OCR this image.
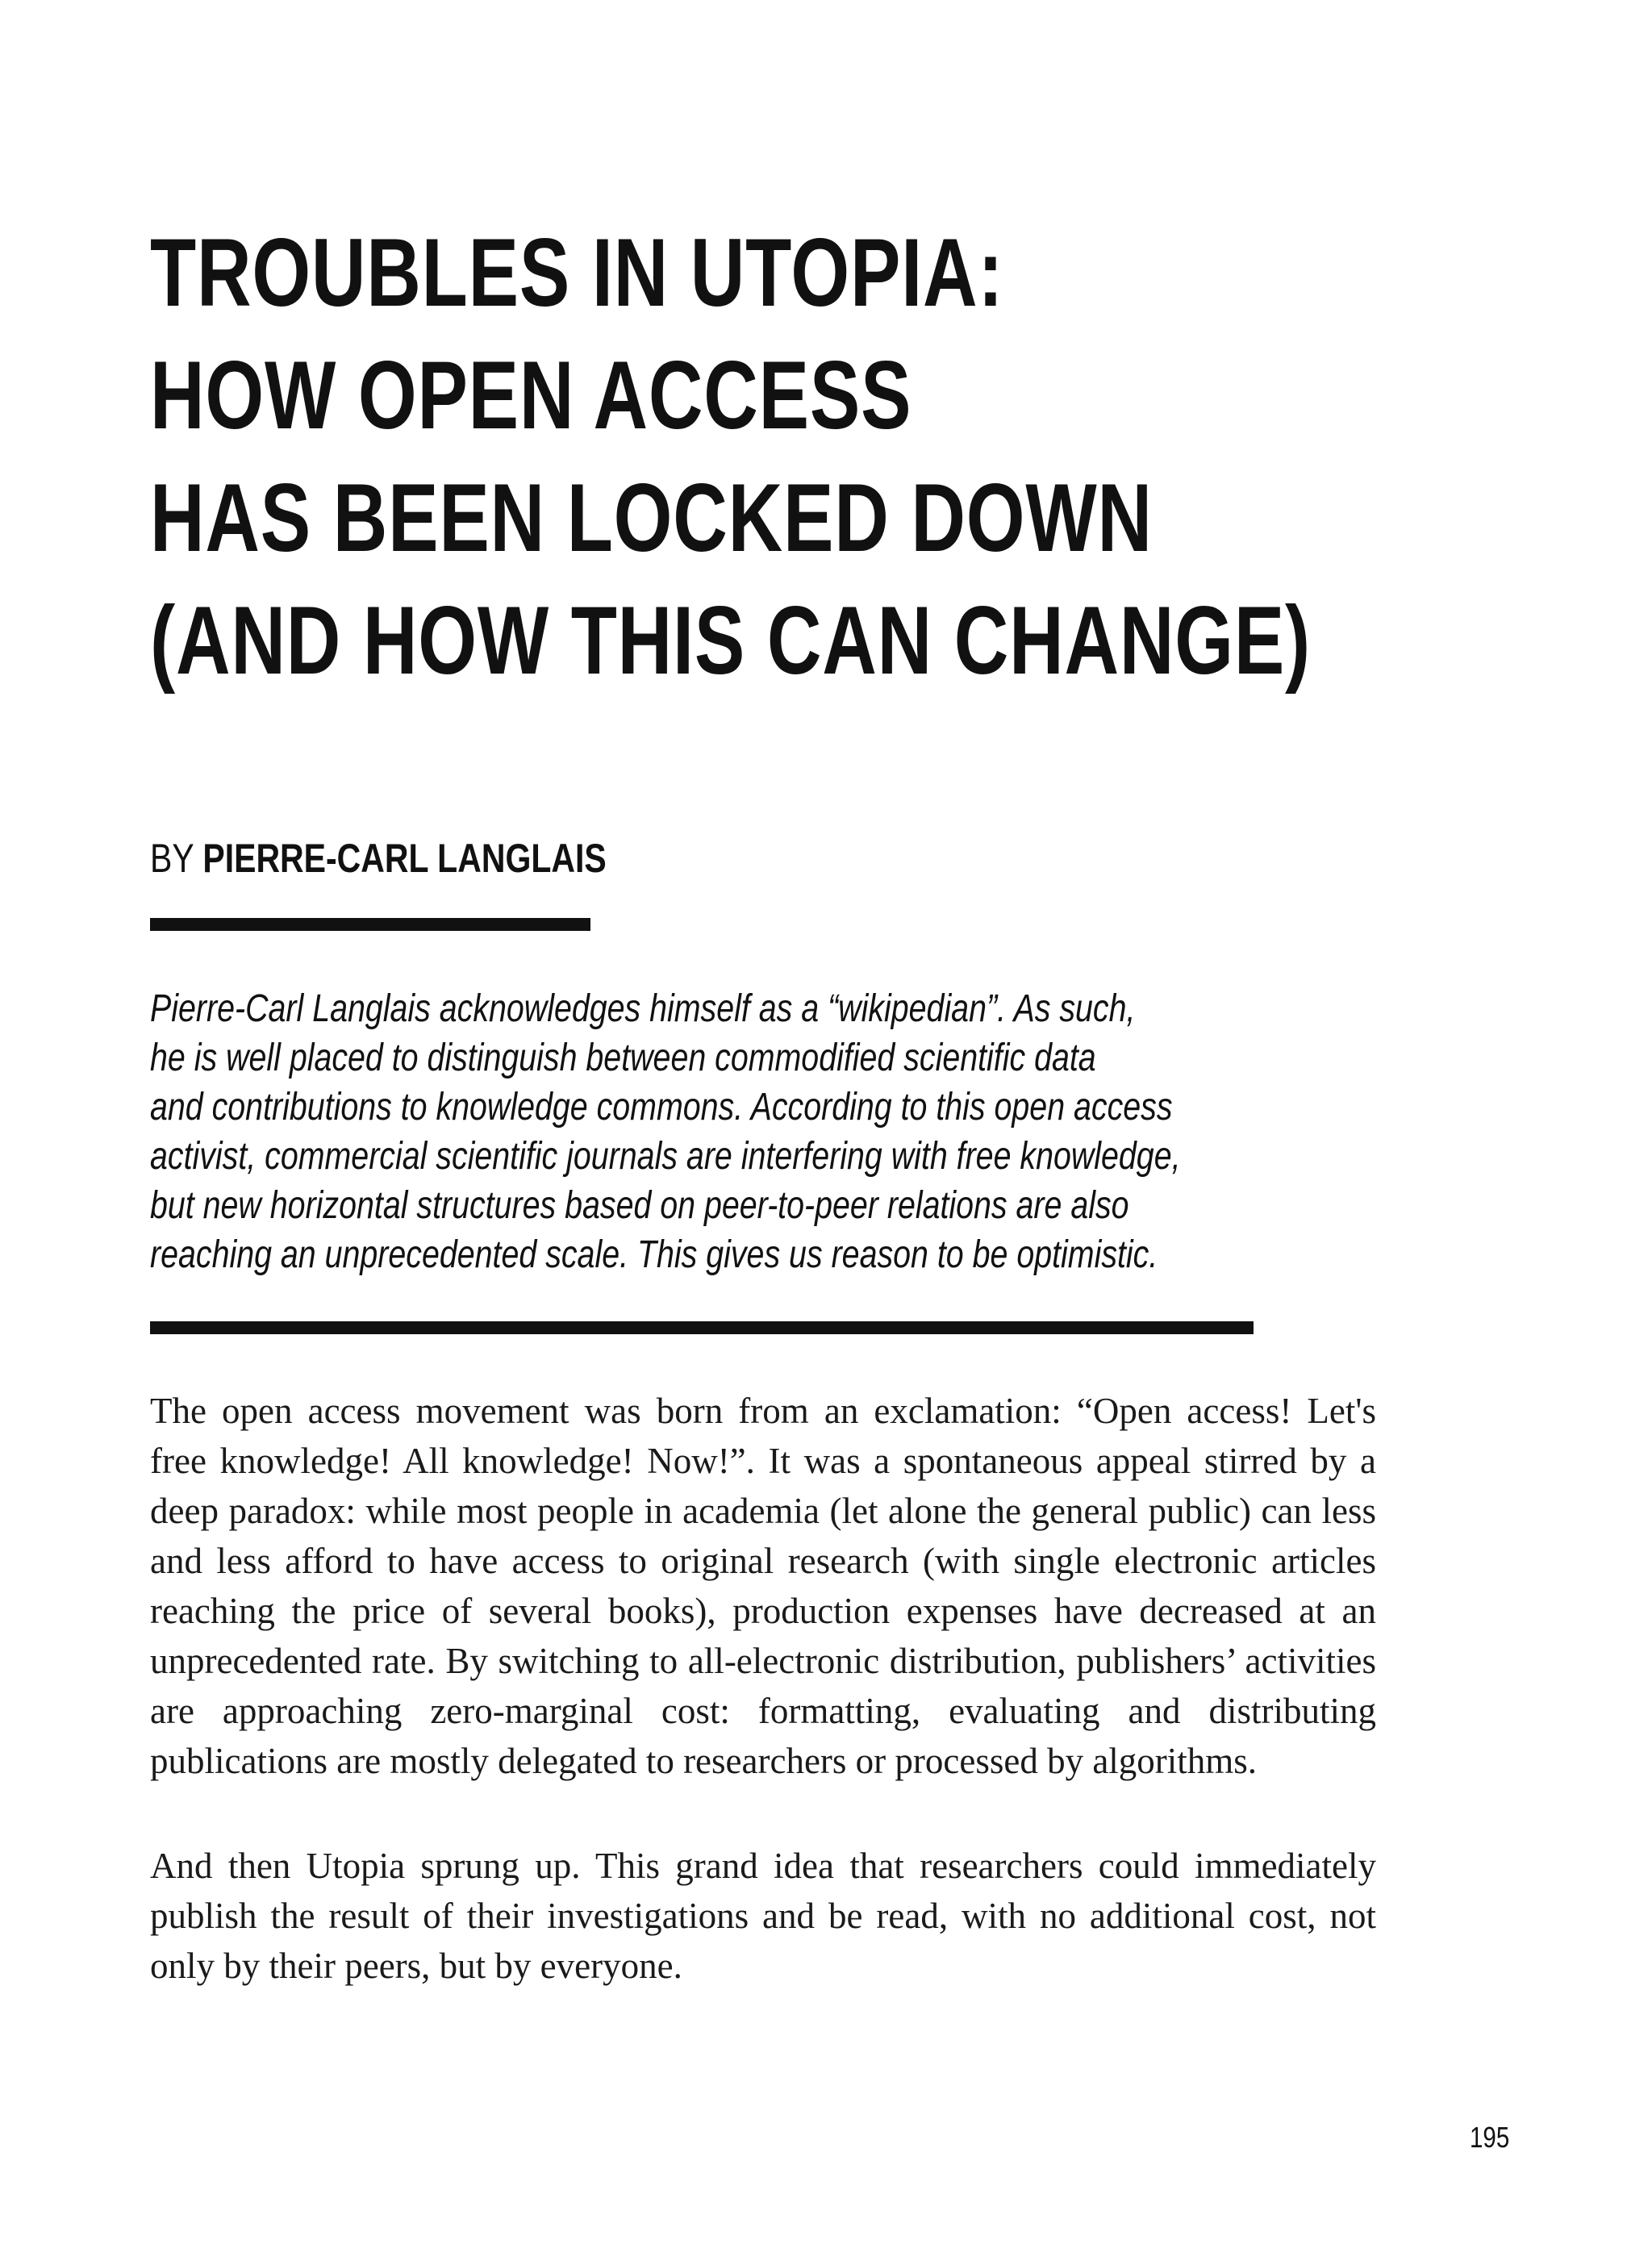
TROUBLES IN UTOPIA:
HOW OPEN ACCESS
HAS BEEN LOCKED DOWN
(AND HOW THIS CAN CHANGE)
BY PIERRE-CARL LANGLAIS
Pierre-Carl Langlais acknowledges himself as a “wikipedian”. As such,
he is well placed to distinguish between commodified scientific data
and contributions to knowledge commons. According to this open access
activist, commercial scientific journals are interfering with free knowledge,
but new horizontal structures based on peer-to-peer relations are also
reaching an unprecedented scale. This gives us reason to be optimistic.
The open access movement was born from an exclamation: “Open access! Let's
free knowledge! All knowledge! Now!”. It was a spontaneous appeal stirred by a
deep paradox: while most people in academia (let alone the general public) can less
and less afford to have access to original research (with single electronic articles
reaching the price of several books), production expenses have decreased at an
unprecedented rate. By switching to all-electronic distribution, publishers’ activities
are approaching zero-marginal cost: formatting, evaluating and distributing
publications are mostly delegated to researchers or processed by algorithms.
And then Utopia sprung up. This grand idea that researchers could immediately
publish the result of their investigations and be read, with no additional cost, not
only by their peers, but by everyone.
195
